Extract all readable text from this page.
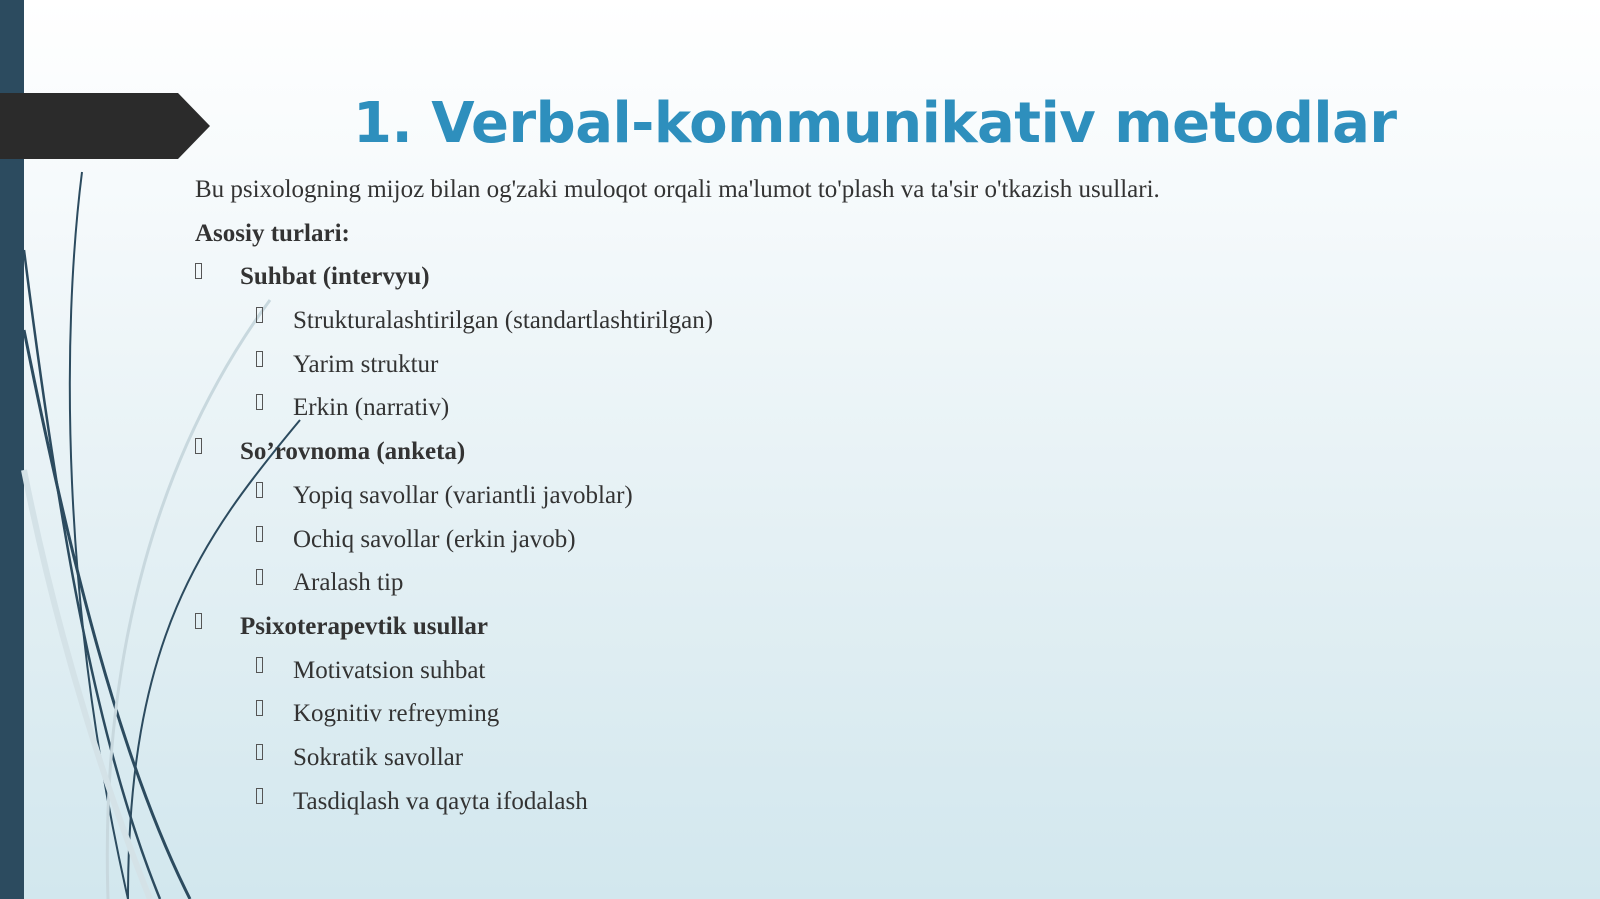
1. Verbal-kommunikativ metodlar
Bu psixologning mijoz bilan og'zaki muloqot orqali ma'lumot to'plash va ta'sir o'tkazish usullari.
Asosiy turlari:
Suhbat (intervyu)
Strukturalashtirilgan (standartlashtirilgan)
Yarim struktur
Erkin (narrativ)
So’rovnoma (anketa)
Yopiq savollar (variantli javoblar)
Ochiq savollar (erkin javob)
Aralash tip
Psixoterapevtik usullar
Motivatsion suhbat
Kognitiv refreyming
Sokratik savollar
Tasdiqlash va qayta ifodalash
